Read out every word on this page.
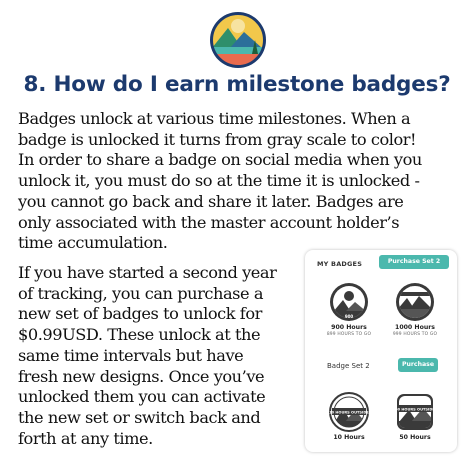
8. How do I earn milestone badges?
Badges unlock at various time milestones. When a
badge is unlocked it turns from gray scale to color!
In order to share a badge on social media when you
unlock it, you must do so at the time it is unlocked -
you cannot go back and share it later. Badges are
only associated with the master account holder’s
time accumulation.
If you have started a second year
of tracking, you can purchase a
new set of badges to unlock for
$0.99USD. These unlock at the
same time intervals but have
fresh new designs. Once you’ve
unlocked them you can activate
the new set or switch back and
forth at any time.
MY BADGES	Purchase Set 2
900
900 Hours
899 HOURS TO GO
1000
1000 Hours
999 HOURS TO GO
Badge Set 2	Purchase
10 HOURS OUTSIDE
10 Hours
50 HOURS OUTSIDE
50 Hours
